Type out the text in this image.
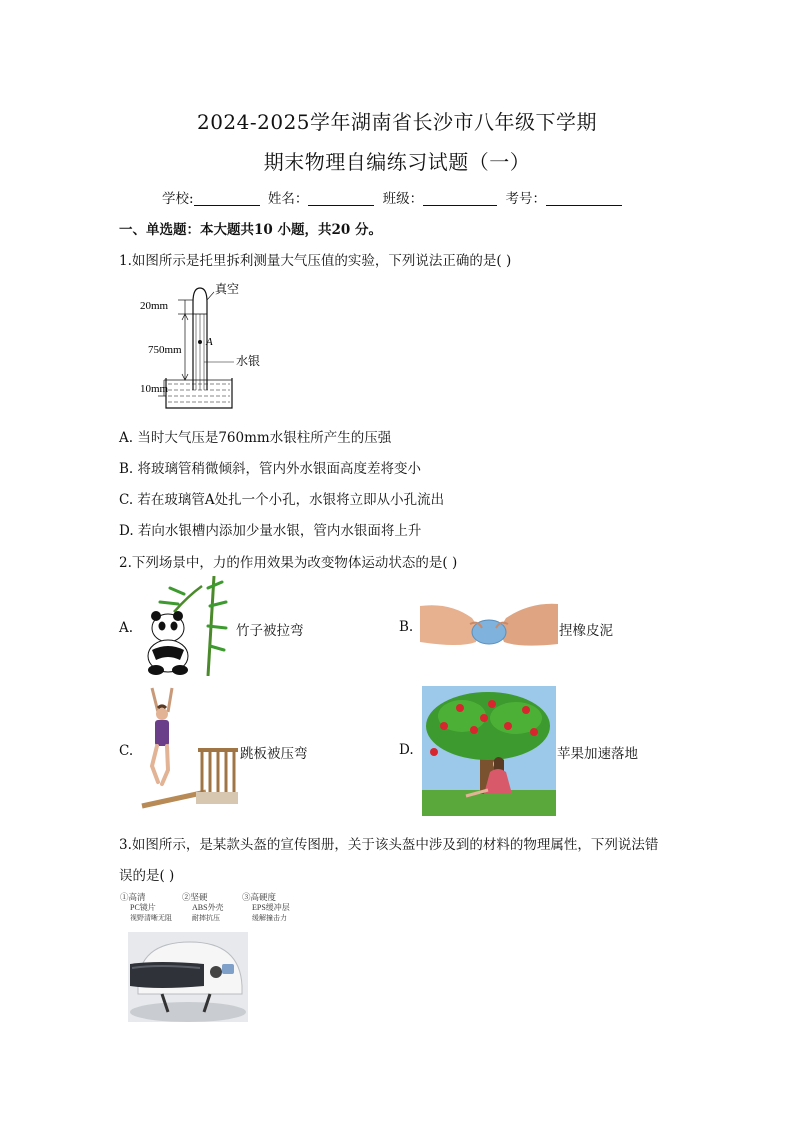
2024-2025学年湖南省长沙市八年级下学期
期末物理自编练习试题（一）
学校:	姓名：	班级：	考号：
一、单选题：本大题共10 小题，共20 分。
1.如图所示是托里拆利测量大气压值的实验，下列说法正确的是( )
20mm
750mm
10mm
真空
A
水银
A. 当时大气压是760mm水银柱所产生的压强
B. 将玻璃管稍微倾斜，管内外水银面高度差将变小
C. 若在玻璃管A处扎一个小孔，水银将立即从小孔流出
D. 若向水银槽内添加少量水银，管内水银面将上升
2.下列场景中，力的作用效果为改变物体运动状态的是( )
A.	竹子被拉弯	B.	捏橡皮泥
C.	跳板被压弯	D.	苹果加速落地
3.如图所示，是某款头盔的宣传图册，关于该头盔中涉及到的材料的物理属性，下列说法错
误的是( )
①高清
PC镜片
视野清晰无阻
②坚硬
ABS外壳
耐摔抗压
③高硬度
EPS缓冲层
缓解撞击力
